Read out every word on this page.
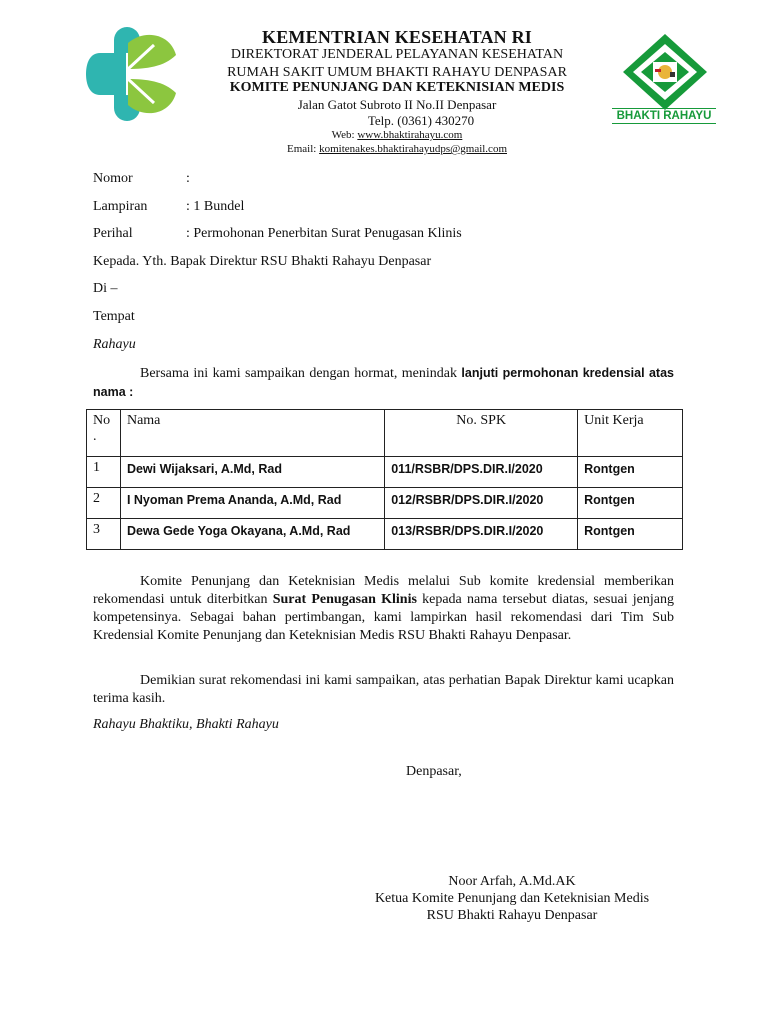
BHAKTI RAHAYU
KEMENTRIAN KESEHATAN RI
DIREKTORAT JENDERAL PELAYANAN KESEHATAN
RUMAH SAKIT UMUM BHAKTI RAHAYU DENPASAR
KOMITE PENUNJANG DAN KETEKNISIAN MEDIS
Jalan Gatot Subroto II No.II Denpasar
Telp. (0361) 430270
Web: www.bhaktirahayu.com
Email: komitenakes.bhaktirahayudps@gmail.com
Nomor	:
Lampiran	: 1 Bundel
Perihal	: Permohonan Penerbitan Surat Penugasan Klinis
Kepada. Yth. Bapak Direktur RSU Bhakti Rahayu Denpasar
Di –
Tempat
Rahayu
Bersama ini kami sampaikan dengan hormat, menindak lanjuti permohonan kredensial atas nama :
No .	Nama	No. SPK	Unit Kerja
1	Dewi Wijaksari, A.Md, Rad	011/RSBR/DPS.DIR.I/2020	Rontgen
2	I Nyoman Prema Ananda, A.Md, Rad	012/RSBR/DPS.DIR.I/2020	Rontgen
3	Dewa Gede Yoga Okayana, A.Md, Rad	013/RSBR/DPS.DIR.I/2020	Rontgen
Komite Penunjang dan Keteknisian Medis melalui Sub komite kredensial memberikan rekomendasi untuk diterbitkan Surat Penugasan Klinis kepada nama tersebut diatas, sesuai jenjang kompetensinya. Sebagai bahan pertimbangan, kami lampirkan hasil rekomendasi dari Tim Sub Kredensial Komite Penunjang dan Keteknisian Medis RSU Bhakti Rahayu Denpasar.
Demikian surat rekomendasi ini kami sampaikan, atas perhatian Bapak Direktur kami ucapkan terima kasih.
Rahayu Bhaktiku, Bhakti Rahayu
Denpasar,
Noor Arfah, A.Md.AK
Ketua Komite Penunjang dan Keteknisian Medis
RSU Bhakti Rahayu Denpasar
